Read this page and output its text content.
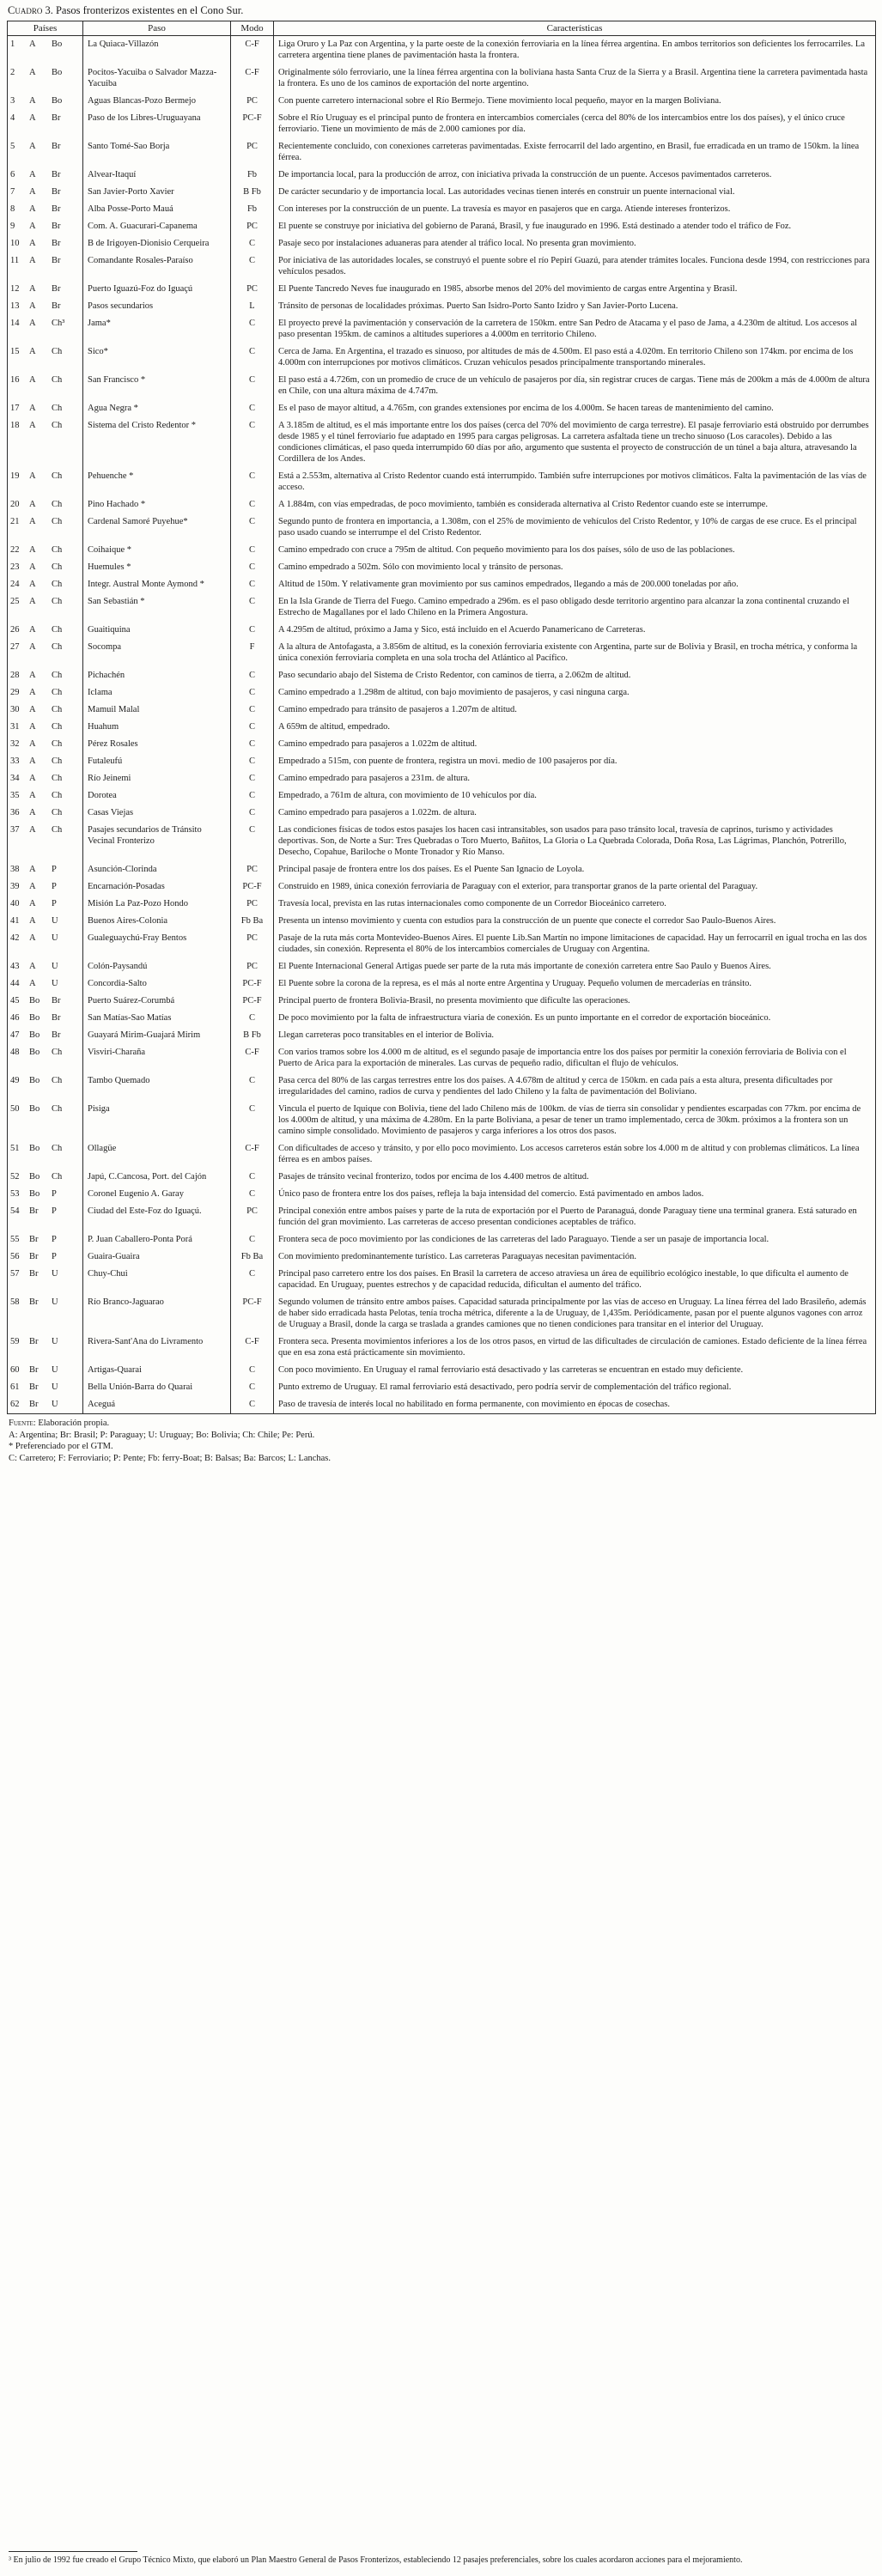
Cuadro 3. Pasos fronterizos existentes en el Cono Sur.

Países	Paso	Modo	Características
1 A Bo	La Quiaca-Villazón	C-F	Liga Oruro y La Paz con Argentina, y la parte oeste de la conexión ferroviaria en la línea férrea argentina. En ambos territorios son deficientes los ferrocarriles. La carretera argentina tiene planes de pavimentación hasta la frontera.
2 A Bo	Pocitos-Yacuiba o Salvador Mazza-Yacuiba	C-F	Originalmente sólo ferroviario, une la línea férrea argentina con la boliviana hasta Santa Cruz de la Sierra y a Brasil. Argentina tiene la carretera pavimentada hasta la frontera. Es uno de los caminos de exportación del norte argentino.
3 A Bo	Aguas Blancas-Pozo Bermejo	PC	Con puente carretero internacional sobre el Río Bermejo. Tiene movimiento local pequeño, mayor en la margen Boliviana.
4 A Br	Paso de los Libres-Uruguayana	PC-F	Sobre el Río Uruguay es el principal punto de frontera en intercambios comerciales (cerca del 80% de los intercambios entre los dos países), y el único cruce ferroviario. Tiene un movimiento de más de 2.000 camiones por día.
5 A Br	Santo Tomé-Sao Borja	PC	Recientemente concluido, con conexiones carreteras pavimentadas. Existe ferrocarril del lado argentino, en Brasil, fue erradicada en un tramo de 150km. la línea férrea.
6 A Br	Alvear-Itaquí	Fb	De importancia local, para la producción de arroz, con iniciativa privada la construcción de un puente. Accesos pavimentados carreteros.
7 A Br	San Javier-Porto Xavier	B Fb	De carácter secundario y de importancia local. Las autoridades vecinas tienen interés en construir un puente internacional vial.
8 A Br	Alba Posse-Porto Mauá	Fb	Con intereses por la construcción de un puente. La travesía es mayor en pasajeros que en carga. Atiende intereses fronterizos.
9 A Br	Com. A. Guacurari-Capanema	PC	El puente se construye por iniciativa del gobierno de Paraná, Brasil, y fue inaugurado en 1996. Está destinado a atender todo el tráfico de Foz.
10 A Br	B de Irigoyen-Dionisio Cerqueira	C	Pasaje seco por instalaciones aduaneras para atender al tráfico local. No presenta gran movimiento.
11 A Br	Comandante Rosales-Paraíso	C	Por iniciativa de las autoridades locales, se construyó el puente sobre el río Pepirí Guazú, para atender trámites locales. Funciona desde 1994, con restricciones para vehículos pesados.
12 A Br	Puerto Iguazú-Foz do Iguaçú	PC	El Puente Tancredo Neves fue inaugurado en 1985, absorbe menos del 20% del movimiento de cargas entre Argentina y Brasil.
13 A Br	Pasos secundarios	L	Tránsito de personas de localidades próximas. Puerto San Isidro-Porto Santo Izidro y San Javier-Porto Lucena.
14 A Ch³	Jama*	C	El proyecto prevé la pavimentación y conservación de la carretera de 150km. entre San Pedro de Atacama y el paso de Jama, a 4.230m de altitud. Los accesos al paso presentan 195km. de caminos a altitudes superiores a 4.000m en territorio Chileno.
15 A Ch	Sico*	C	Cerca de Jama. En Argentina, el trazado es sinuoso, por altitudes de más de 4.500m. El paso está a 4.020m. En territorio Chileno son 174km. por encima de los 4.000m con interrupciones por motivos climáticos. Cruzan vehículos pesados principalmente transportando minerales.
16 A Ch	San Francisco *	C	El paso está a 4.726m, con un promedio de cruce de un vehículo de pasajeros por día, sin registrar cruces de cargas. Tiene más de 200km a más de 4.000m de altura en Chile, con una altura máxima de 4.747m.
17 A Ch	Agua Negra *	C	Es el paso de mayor altitud, a 4.765m, con grandes extensiones por encima de los 4.000m. Se hacen tareas de mantenimiento del camino.
18 A Ch	Sistema del Cristo Redentor *	C	A 3.185m de altitud, es el más importante entre los dos países (cerca del 70% del movimiento de carga terrestre). El pasaje ferroviario está obstruido por derrumbes desde 1985 y el túnel ferroviario fue adaptado en 1995 para cargas peligrosas. La carretera asfaltada tiene un trecho sinuoso (Los caracoles). Debido a las condiciones climáticas, el paso queda interrumpido 60 días por año, argumento que sustenta el proyecto de construcción de un túnel a baja altura, atravesando la Cordillera de los Andes.
19 A Ch	Pehuenche *	C	Está a 2.553m, alternativa al Cristo Redentor cuando está interrumpido. También sufre interrupciones por motivos climáticos. Falta la pavimentación de las vías de acceso.
20 A Ch	Pino Hachado *	C	A 1.884m, con vías empedradas, de poco movimiento, también es considerada alternativa al Cristo Redentor cuando este se interrumpe.
21 A Ch	Cardenal Samoré Puyehue*	C	Segundo punto de frontera en importancia, a 1.308m, con el 25% de movimiento de vehículos del Cristo Redentor, y 10% de cargas de ese cruce. Es el principal paso usado cuando se interrumpe el del Cristo Redentor.
22 A Ch	Coihaique *	C	Camino empedrado con cruce a 795m de altitud. Con pequeño movimiento para los dos países, sólo de uso de las poblaciones.
23 A Ch	Huemules *	C	Camino empedrado a 502m. Sólo con movimiento local y tránsito de personas.
24 A Ch	Integr. Austral Monte Aymond *	C	Altitud de 150m. Y relativamente gran movimiento por sus caminos empedrados, llegando a más de 200.000 toneladas por año.
25 A Ch	San Sebastián *	C	En la Isla Grande de Tierra del Fuego. Camino empedrado a 296m. es el paso obligado desde territorio argentino para alcanzar la zona continental cruzando el Estrecho de Magallanes por el lado Chileno en la Primera Angostura.
26 A Ch	Guaitiquina	C	A 4.295m de altitud, próximo a Jama y Sico, está incluido en el Acuerdo Panamericano de Carreteras.
27 A Ch	Socompa	F	A la altura de Antofagasta, a 3.856m de altitud, es la conexión ferroviaria existente con Argentina, parte sur de Bolivia y Brasil, en trocha métrica, y conforma la única conexión ferroviaria completa en una sola trocha del Atlántico al Pacífico.
28 A Ch	Pichachén	C	Paso secundario abajo del Sistema de Cristo Redentor, con caminos de tierra, a 2.062m de altitud.
29 A Ch	Iclama	C	Camino empedrado a 1.298m de altitud, con bajo movimiento de pasajeros, y casi ninguna carga.
30 A Ch	Mamuil Malal	C	Camino empedrado para tránsito de pasajeros a 1.207m de altitud.
31 A Ch	Huahum	C	A 659m de altitud, empedrado.
32 A Ch	Pérez Rosales	C	Camino empedrado para pasajeros a 1.022m de altitud.
33 A Ch	Futaleufú	C	Empedrado a 515m, con puente de frontera, registra un movi. medio de 100 pasajeros por día.
34 A Ch	Río Jeinemi	C	Camino empedrado para pasajeros a 231m. de altura.
35 A Ch	Dorotea	C	Empedrado, a 761m de altura, con movimiento de 10 vehículos por día.
36 A Ch	Casas Viejas	C	Camino empedrado para pasajeros a 1.022m. de altura.
37 A Ch	Pasajes secundarios de Tránsito Vecinal Fronterizo	C	Las condiciones físicas de todos estos pasajes los hacen casi intransitables, son usados para paso tránsito local, travesía de caprinos, turismo y actividades deportivas. Son, de Norte a Sur: Tres Quebradas o Toro Muerto, Bañitos, La Gloria o La Quebrada Colorada, Doña Rosa, Las Lágrimas, Planchón, Potrerillo, Desecho, Copahue, Bariloche o Monte Tronador y Río Manso.
38 A P	Asunción-Clorinda	PC	Principal pasaje de frontera entre los dos países. Es el Puente San Ignacio de Loyola.
39 A P	Encarnación-Posadas	PC-F	Construido en 1989, única conexión ferroviaria de Paraguay con el exterior, para transportar granos de la parte oriental del Paraguay.
40 A P	Misión La Paz-Pozo Hondo	PC	Travesía local, prevista en las rutas internacionales como componente de un Corredor Bioceánico carretero.
41 A U	Buenos Aires-Colonia	Fb Ba	Presenta un intenso movimiento y cuenta con estudios para la construcción de un puente que conecte el corredor Sao Paulo-Buenos Aires.
42 A U	Gualeguaychú-Fray Bentos	PC	Pasaje de la ruta más corta Montevideo-Buenos Aires. El puente Lib.San Martín no impone limitaciones de capacidad. Hay un ferrocarril en igual trocha en las dos ciudades, sin conexión. Representa el 80% de los intercambios comerciales de Uruguay con Argentina.
43 A U	Colón-Paysandú	PC	El Puente Internacional General Artigas puede ser parte de la ruta más importante de conexión carretera entre Sao Paulo y Buenos Aires.
44 A U	Concordia-Salto	PC-F	El Puente sobre la corona de la represa, es el más al norte entre Argentina y Uruguay. Pequeño volumen de mercaderías en tránsito.
45 Bo Br	Puerto Suárez-Corumbá	PC-F	Principal puerto de frontera Bolivia-Brasil, no presenta movimiento que dificulte las operaciones.
46 Bo Br	San Matías-Sao Matías	C	De poco movimiento por la falta de infraestructura viaria de conexión. Es un punto importante en el corredor de exportación bioceánico.
47 Bo Br	Guayará Mirim-Guajará Mirim	B Fb	Llegan carreteras poco transitables en el interior de Bolivia.
48 Bo Ch	Visviri-Charaña	C-F	Con varios tramos sobre los 4.000 m de altitud, es el segundo pasaje de importancia entre los dos países por permitir la conexión ferroviaria de Bolivia con el Puerto de Arica para la exportación de minerales. Las curvas de pequeño radio, dificultan el flujo de vehículos.
49 Bo Ch	Tambo Quemado	C	Pasa cerca del 80% de las cargas terrestres entre los dos países. A 4.678m de altitud y cerca de 150km. en cada país a esta altura, presenta dificultades por irregularidades del camino, radios de curva y pendientes del lado Chileno y la falta de pavimentación del Boliviano.
50 Bo Ch	Pisiga	C	Vincula el puerto de Iquique con Bolivia, tiene del lado Chileno más de 100km. de vías de tierra sin consolidar y pendientes escarpadas con 77km. por encima de los 4.000m de altitud, y una máxima de 4.280m. En la parte Boliviana, a pesar de tener un tramo implementado, cerca de 30km. próximos a la frontera son un camino simple consolidado. Movimiento de pasajeros y carga inferiores a los otros dos pasos.
51 Bo Ch	Ollagüe	C-F	Con dificultades de acceso y tránsito, y por ello poco movimiento. Los accesos carreteros están sobre los 4.000 m de altitud y con problemas climáticos. La línea férrea es en ambos países.
52 Bo Ch	Japú, C.Cancosa, Port. del Cajón	C	Pasajes de tránsito vecinal fronterizo, todos por encima de los 4.400 metros de altitud.
53 Bo P	Coronel Eugenio A. Garay	C	Único paso de frontera entre los dos países, refleja la baja intensidad del comercio. Está pavimentado en ambos lados.
54 Br P	Ciudad del Este-Foz do Iguaçú.	PC	Principal conexión entre ambos países y parte de la ruta de exportación por el Puerto de Paranaguá, donde Paraguay tiene una terminal granera. Está saturado en función del gran movimiento. Las carreteras de acceso presentan condiciones aceptables de tráfico.
55 Br P	P. Juan Caballero-Ponta Porá	C	Frontera seca de poco movimiento por las condiciones de las carreteras del lado Paraguayo. Tiende a ser un pasaje de importancia local.
56 Br P	Guaira-Guaira	Fb Ba	Con movimiento predominantemente turístico. Las carreteras Paraguayas necesitan pavimentación.
57 Br U	Chuy-Chui	C	Principal paso carretero entre los dos países. En Brasil la carretera de acceso atraviesa un área de equilibrio ecológico inestable, lo que dificulta el aumento de capacidad. En Uruguay, puentes estrechos y de capacidad reducida, dificultan el aumento del tráfico.
58 Br U	Río Branco-Jaguarao	PC-F	Segundo volumen de tránsito entre ambos países. Capacidad saturada principalmente por las vías de acceso en Uruguay. La línea férrea del lado Brasileño, además de haber sido erradicada hasta Pelotas, tenía trocha métrica, diferente a la de Uruguay, de 1,435m. Periódicamente, pasan por el puente algunos vagones con arroz de Uruguay a Brasil, donde la carga se traslada a grandes camiones que no tienen condiciones para transitar en el interior del Uruguay.
59 Br U	Rivera-Sant'Ana do Livramento	C-F	Frontera seca. Presenta movimientos inferiores a los de los otros pasos, en virtud de las dificultades de circulación de camiones. Estado deficiente de la línea férrea que en esa zona está prácticamente sin movimiento.
60 Br U	Artigas-Quarai	C	Con poco movimiento. En Uruguay el ramal ferroviario está desactivado y las carreteras se encuentran en estado muy deficiente.
61 Br U	Bella Unión-Barra do Quarai	C	Punto extremo de Uruguay. El ramal ferroviario está desactivado, pero podría servir de complementación del tráfico regional.
62 Br U	Aceguá	C	Paso de travesía de interés local no habilitado en forma permanente, con movimiento en épocas de cosechas.
Fuente: Elaboración propia.
A: Argentina; Br: Brasil; P: Paraguay; U: Uruguay; Bo: Bolivia; Ch: Chile; Pe: Perú.
* Preferenciado por el GTM.
C: Carretero; F: Ferroviario; P: Pente; Fb: ferry-Boat; B: Balsas; Ba: Barcos; L: Lanchas.

³ En julio de 1992 fue creado el Grupo Técnico Mixto, que elaboró un Plan Maestro General de Pasos Fronterizos, estableciendo 12 pasajes preferenciales, sobre los cuales acordaron acciones para el mejoramiento.
